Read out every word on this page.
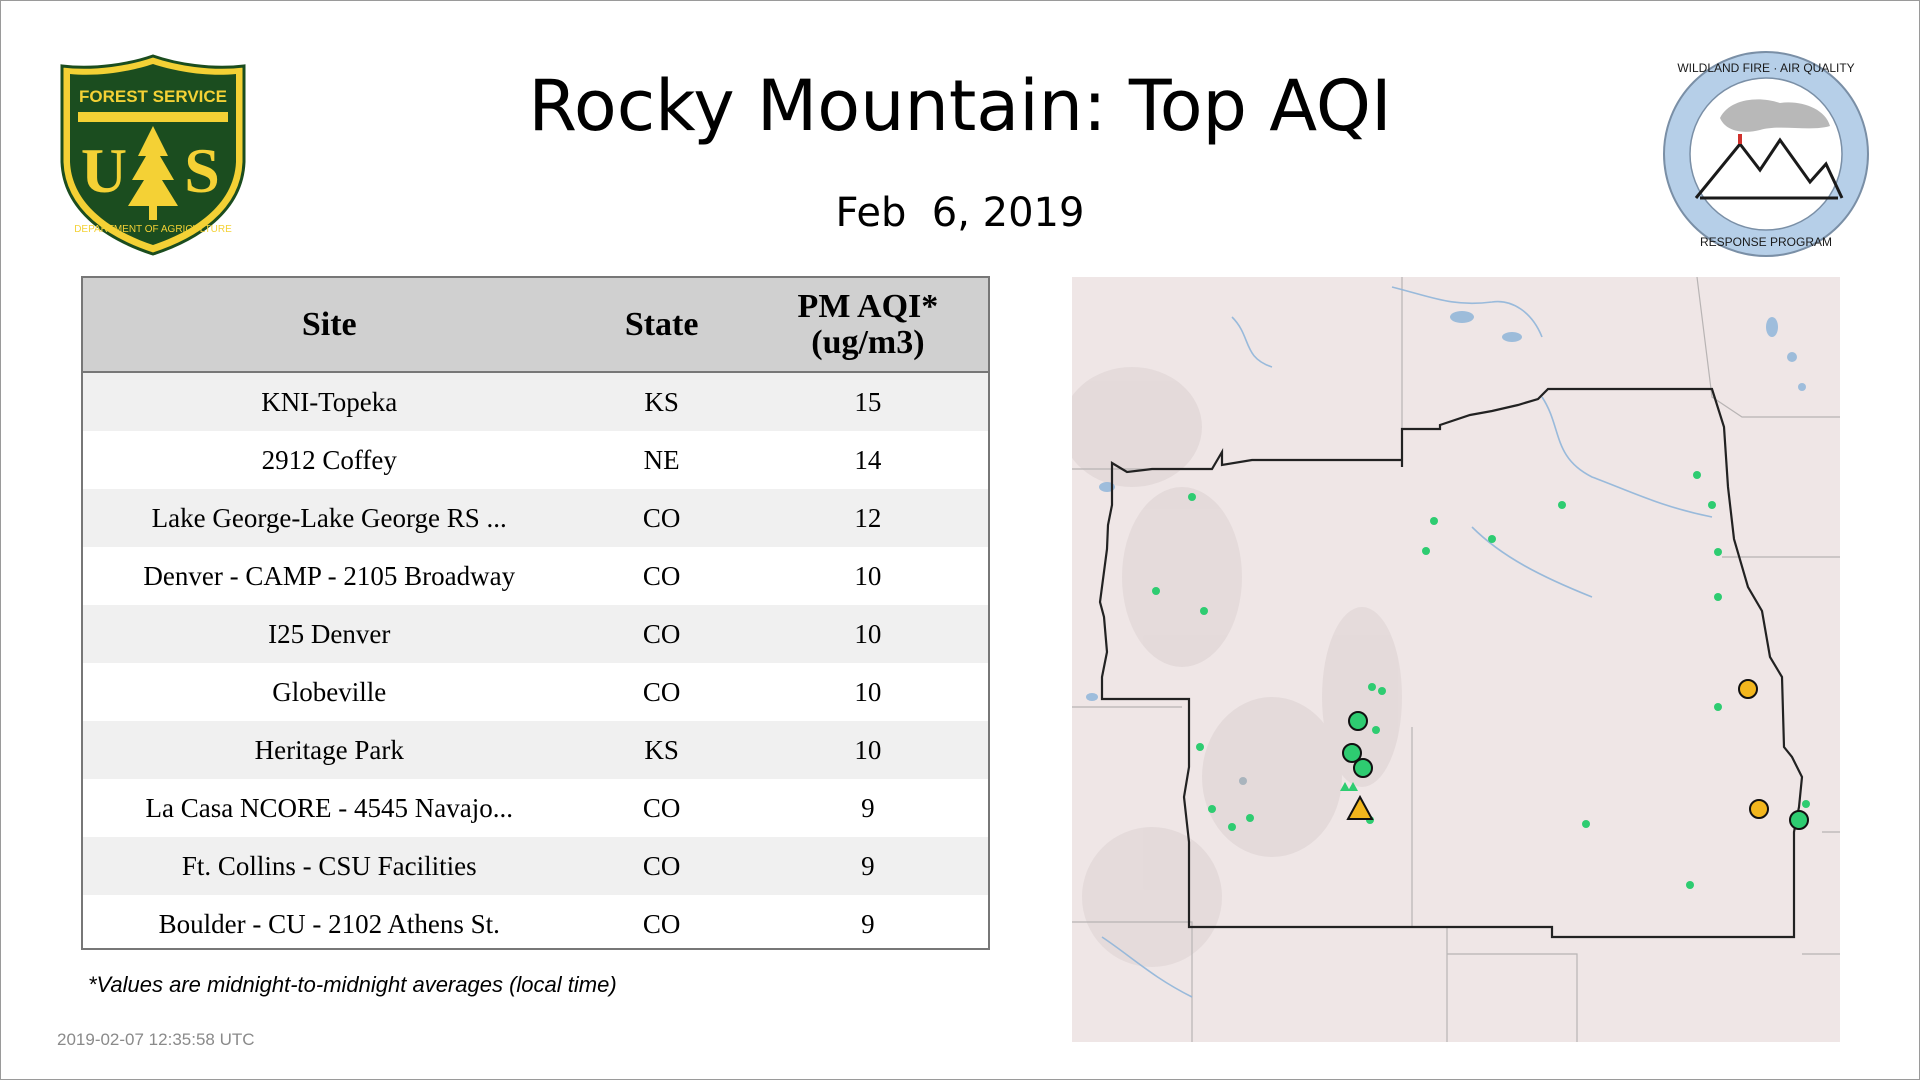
FOREST SERVICE
U S
DEPARTMENT OF AGRICULTURE
WILDLAND FIRE · AIR QUALITY
RESPONSE PROGRAM
Rocky Mountain: Top AQI
Feb  6, 2019
Site	State	PM AQI*
(ug/m3)

KNI-Topeka	KS	15
2912 Coffey	NE	14
Lake George-Lake George RS ...	CO	12
Denver - CAMP - 2105 Broadway	CO	10
I25 Denver	CO	10
Globeville	CO	10
Heritage Park	KS	10
La Casa NCORE - 4545 Navajo...	CO	9
Ft. Collins - CSU Facilities	CO	9
Boulder - CU - 2102 Athens St.	CO	9
*Values are midnight-to-midnight averages (local time)
2019-02-07 12:35:58 UTC
